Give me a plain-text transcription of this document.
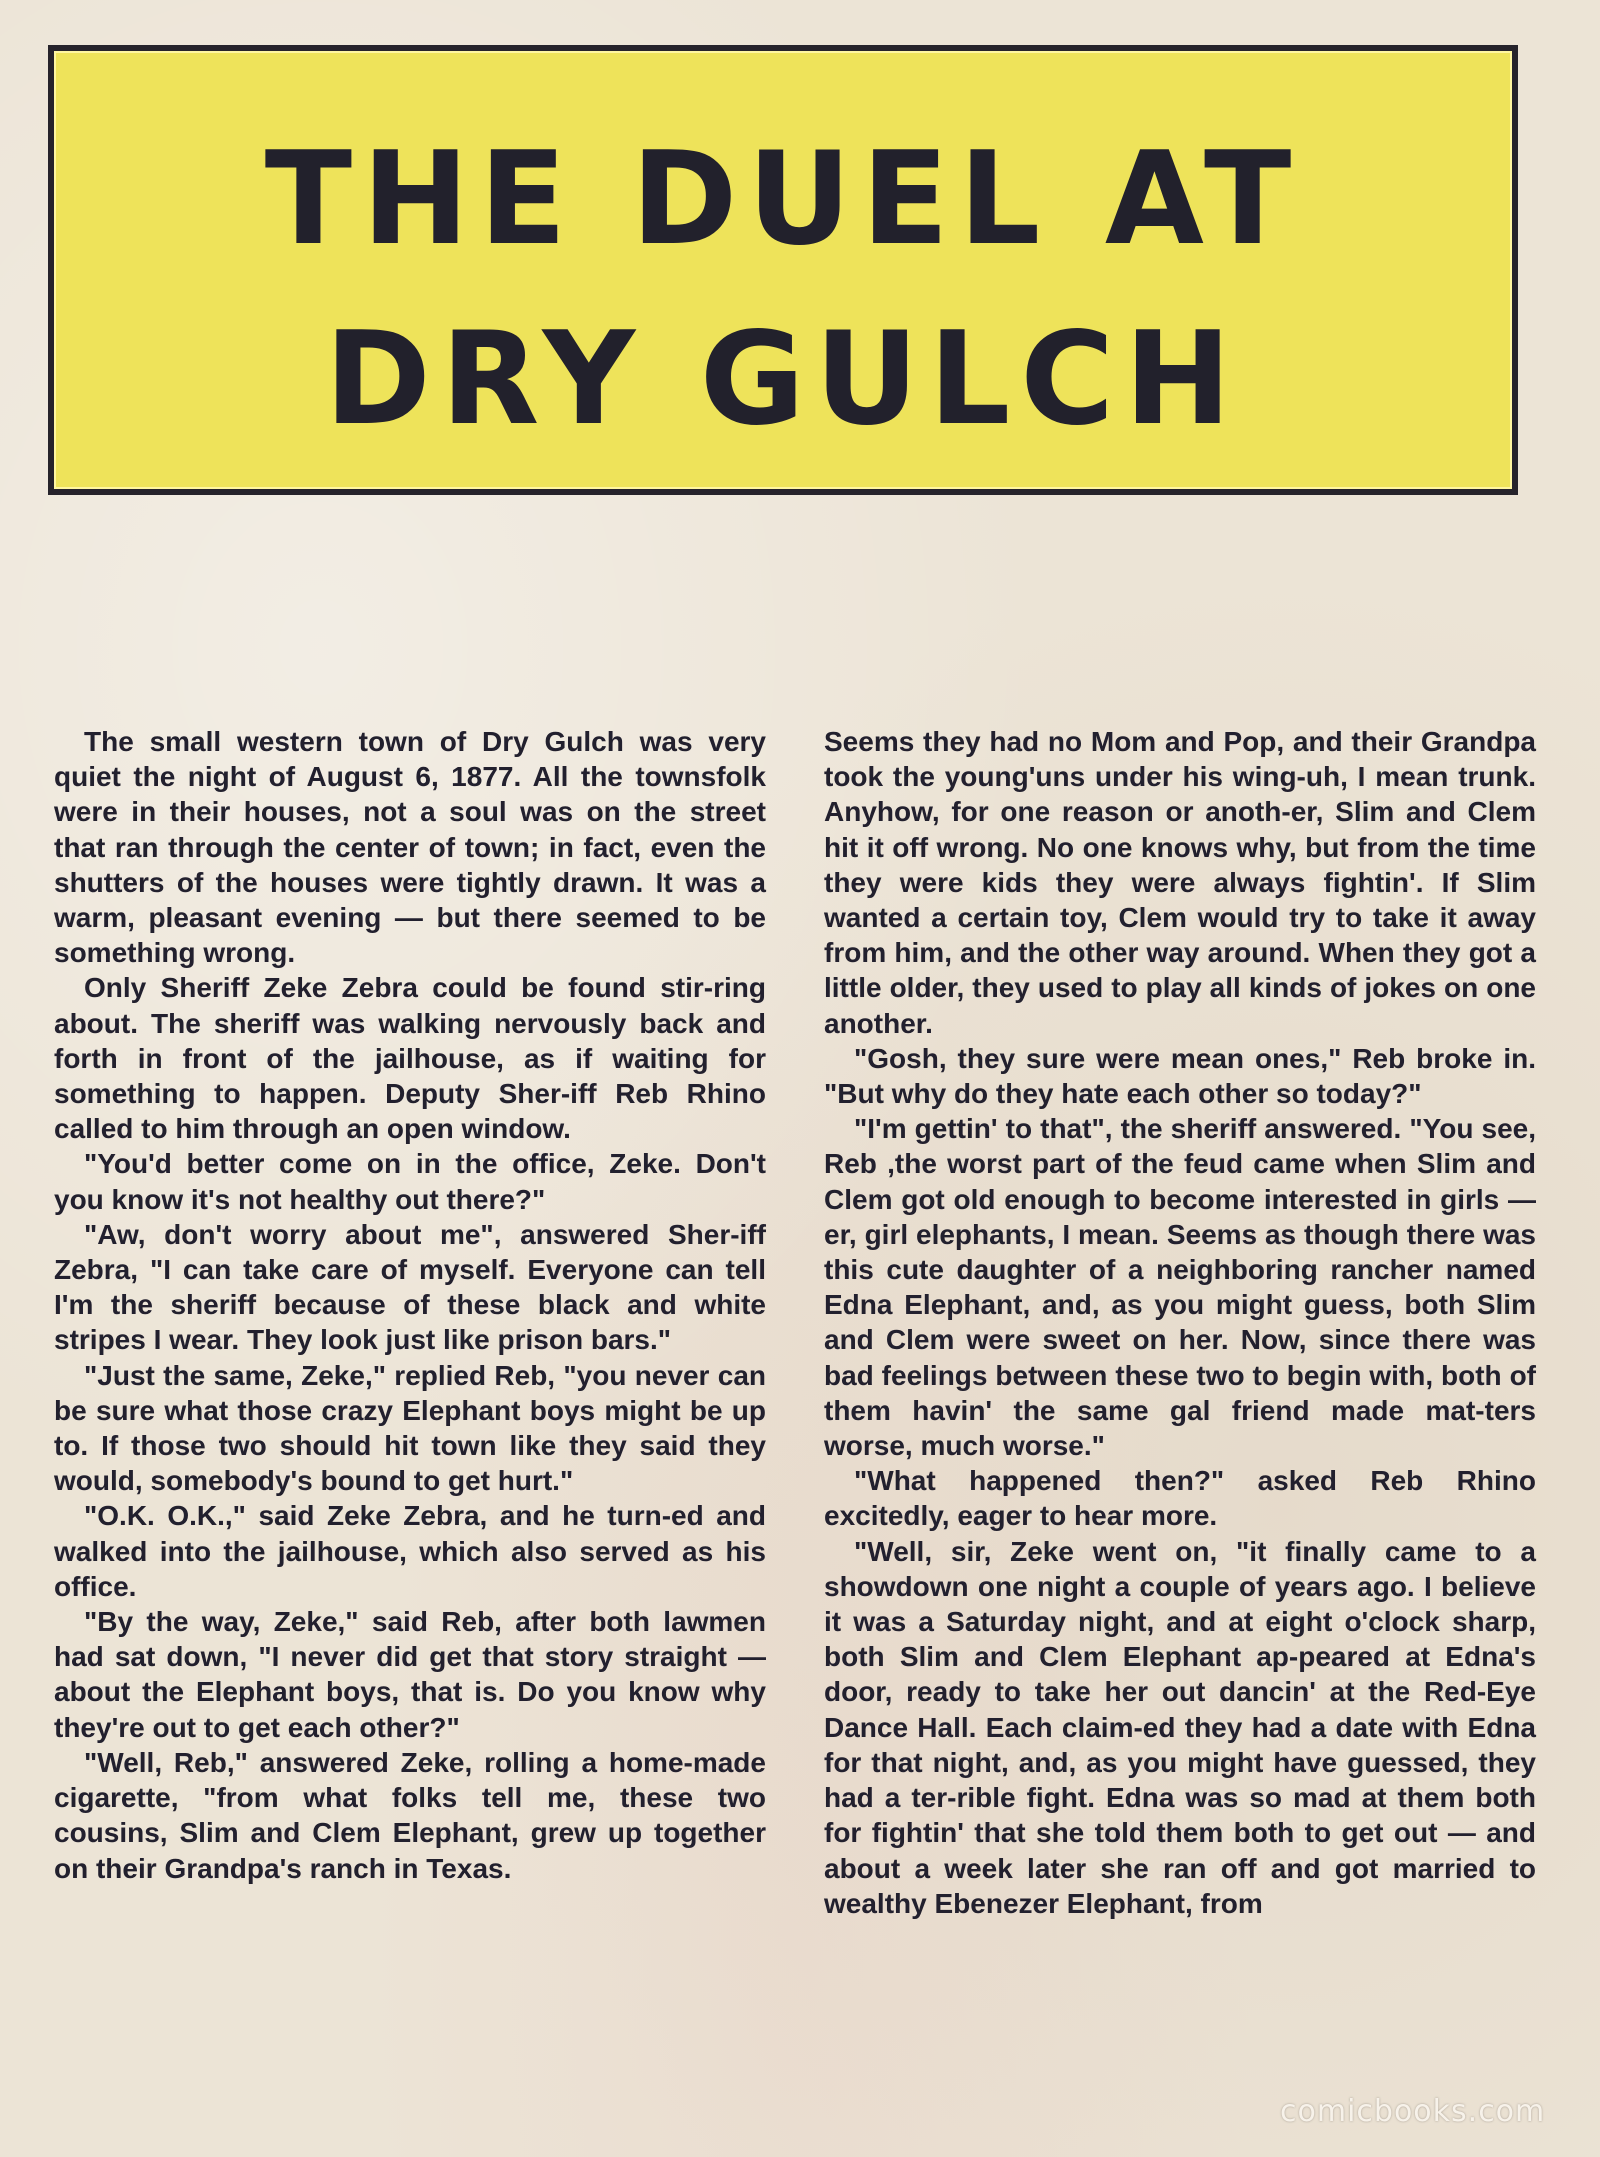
THE DUEL AT
DRY GULCH

The small western town of Dry Gulch was very quiet the night of August 6, 1877. All the townsfolk were in their houses, not a soul was on the street that ran through the center of town; in fact, even the shutters of the houses were tightly drawn. It was a warm, pleasant evening — but there seemed to be something wrong.

Only Sheriff Zeke Zebra could be found stir-ring about. The sheriff was walking nervously back and forth in front of the jailhouse, as if waiting for something to happen. Deputy Sher-iff Reb Rhino called to him through an open window.

"You'd better come on in the office, Zeke. Don't you know it's not healthy out there?"

"Aw, don't worry about me", answered Sher-iff Zebra, "I can take care of myself. Everyone can tell I'm the sheriff because of these black and white stripes I wear. They look just like prison bars."

"Just the same, Zeke," replied Reb, "you never can be sure what those crazy Elephant boys might be up to. If those two should hit town like they said they would, somebody's bound to get hurt."

"O.K. O.K.," said Zeke Zebra, and he turn-ed and walked into the jailhouse, which also served as his office.

"By the way, Zeke," said Reb, after both lawmen had sat down, "I never did get that story straight — about the Elephant boys, that is. Do you know why they're out to get each other?"

"Well, Reb," answered Zeke, rolling a home-made cigarette, "from what folks tell me, these two cousins, Slim and Clem Elephant, grew up together on their Grandpa's ranch in Texas.

Seems they had no Mom and Pop, and their Grandpa took the young'uns under his wing-uh, I mean trunk. Anyhow, for one reason or anoth-er, Slim and Clem hit it off wrong. No one knows why, but from the time they were kids they were always fightin'. If Slim wanted a certain toy, Clem would try to take it away from him, and the other way around. When they got a little older, they used to play all kinds of jokes on one another.

"Gosh, they sure were mean ones," Reb broke in. "But why do they hate each other so today?"

"I'm gettin' to that", the sheriff answered. "You see, Reb ,the worst part of the feud came when Slim and Clem got old enough to become interested in girls — er, girl elephants, I mean. Seems as though there was this cute daughter of a neighboring rancher named Edna Elephant, and, as you might guess, both Slim and Clem were sweet on her. Now, since there was bad feelings between these two to begin with, both of them havin' the same gal friend made mat-ters worse, much worse."

"What happened then?" asked Reb Rhino excitedly, eager to hear more.

"Well, sir, Zeke went on, "it finally came to a showdown one night a couple of years ago. I believe it was a Saturday night, and at eight o'clock sharp, both Slim and Clem Elephant ap-peared at Edna's door, ready to take her out dancin' at the Red-Eye Dance Hall. Each claim-ed they had a date with Edna for that night, and, as you might have guessed, they had a ter-rible fight. Edna was so mad at them both for fightin' that she told them both to get out — and about a week later she ran off and got married to wealthy Ebenezer Elephant, from

comicbooks.com
